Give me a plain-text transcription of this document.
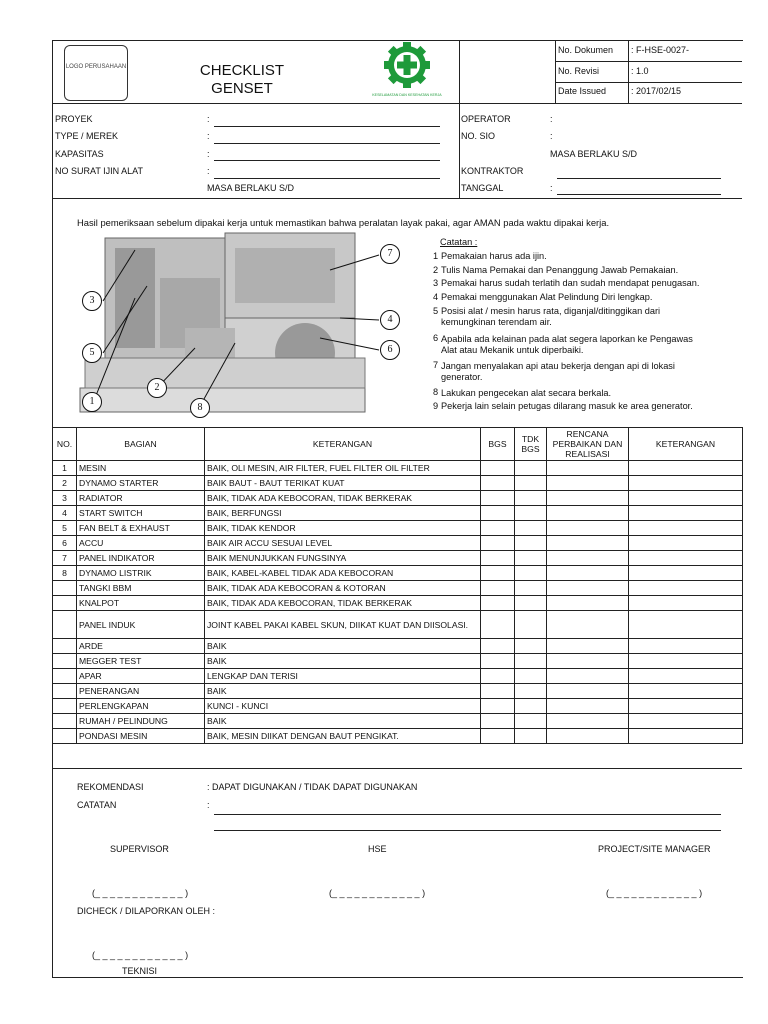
LOGO PERUSAHAAN	CHECKLIST
GENSET	KESELAMATAN DAN KESEHATAN KERJA
No. Dokumen : F-HSE-0027-
No. Revisi	: 1.0
Date Issued	: 2017/02/15
PROYEK	:
TYPE / MEREK	:
KAPASITAS	:
NO SURAT IJIN ALAT	:
MASA BERLAKU S/D
OPERATOR	:
NO. SIO	:
MASA BERLAKU S/D
KONTRAKTOR
TANGGAL	:
Hasil pemeriksaan sebelum dipakai kerja untuk memastikan bahwa peralatan layak pakai, agar AMAN pada waktu dipakai kerja.
1
2
3
4
5	6
7
8
Catatan :
1 Pemakaian harus ada ijin.
2 Tulis Nama Pemakai dan Penanggung Jawab Pemakaian.
3 Pemakai harus sudah terlatih dan sudah mendapat penugasan.
4 Pemakai menggunakan Alat Pelindung Diri lengkap.
5 Posisi alat / mesin harus rata, diganjal/ditinggikan dari
kemungkinan terendam air.
6 Apabila ada kelainan pada alat segera laporkan ke Pengawas
Alat atau Mekanik untuk diperbaiki.
7 Jangan menyalakan api atau bekerja dengan api di lokasi
generator.
8 Lakukan pengecekan alat secara berkala.
9 Pekerja lain selain petugas dilarang masuk ke area generator.
NO.	BAGIAN	KETERANGAN	BGS	TDK BGS	RENCANA PERBAIKAN DAN REALISASI	KETERANGAN
1	MESIN	BAIK, OLI MESIN, AIR FILTER, FUEL FILTER OIL FILTER				
2	DYNAMO STARTER	BAIK BAUT - BAUT TERIKAT KUAT				
3	RADIATOR	BAIK, TIDAK ADA KEBOCORAN, TIDAK BERKERAK				
4	START SWITCH	BAIK, BERFUNGSI				
5	FAN BELT & EXHAUST	BAIK, TIDAK KENDOR				
6	ACCU	BAIK AIR ACCU SESUAI LEVEL				
7	PANEL INDIKATOR	BAIK MENUNJUKKAN FUNGSINYA				
8	DYNAMO LISTRIK	BAIK, KABEL-KABEL TIDAK ADA KEBOCORAN				
	TANGKI BBM	BAIK, TIDAK ADA KEBOCORAN & KOTORAN				
	KNALPOT	BAIK, TIDAK ADA KEBOCORAN, TIDAK BERKERAK				
	PANEL INDUK	JOINT KABEL PAKAI KABEL SKUN, DIIKAT KUAT DAN DIISOLASI.				
	ARDE	BAIK				
	MEGGER TEST	BAIK				
	APAR	LENGKAP DAN TERISI				
	PENERANGAN	BAIK				
	PERLENGKAPAN	KUNCI - KUNCI				
	RUMAH / PELINDUNG	BAIK				
	PONDASI MESIN	BAIK, MESIN DIIKAT DENGAN BAUT PENGIKAT.				
REKOMENDASI	: DAPAT DIGUNAKAN / TIDAK DAPAT DIGUNAKAN
CATATAN	:
SUPERVISOR	HSE	PROJECT/SITE MANAGER
(_ _ _ _ _ _ _ _ _ _ _ _ )	(_ _ _ _ _ _ _ _ _ _ _ _ )	(_ _ _ _ _ _ _ _ _ _ _ _ )
DICHECK / DILAPORKAN OLEH :
(_ _ _ _ _ _ _ _ _ _ _ _ )
TEKNISI
